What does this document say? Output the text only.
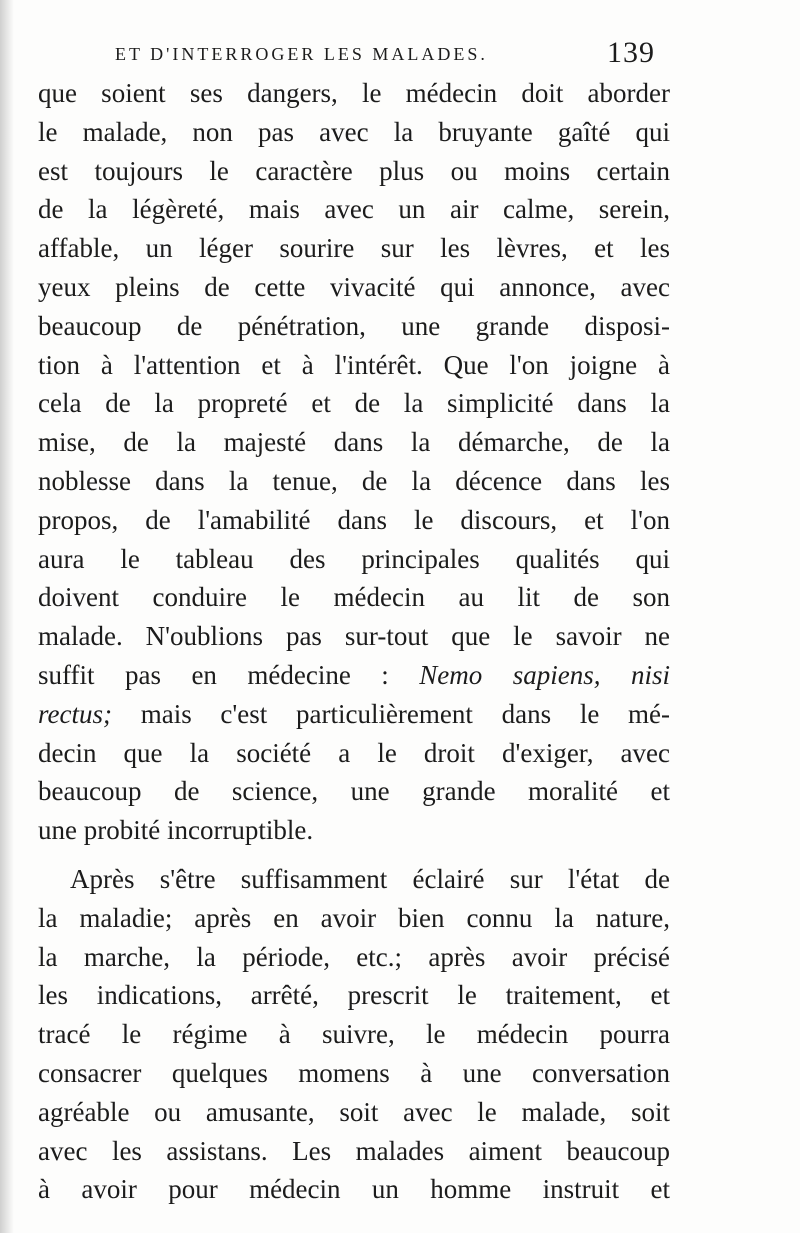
ET D'INTERROGER LES MALADES.	139
que soient ses dangers, le médecin doit aborder
le malade, non pas avec la bruyante gaîté qui
est toujours le caractère plus ou moins certain
de la légèreté, mais avec un air calme, serein,
affable, un léger sourire sur les lèvres, et les
yeux pleins de cette vivacité qui annonce, avec
beaucoup de pénétration, une grande disposi-
tion à l'attention et à l'intérêt. Que l'on joigne à
cela de la propreté et de la simplicité dans la
mise, de la majesté dans la démarche, de la
noblesse dans la tenue, de la décence dans les
propos, de l'amabilité dans le discours, et l'on
aura le tableau des principales qualités qui
doivent conduire le médecin au lit de son
malade. N'oublions pas sur-tout que le savoir ne
suffit pas en médecine : Nemo sapiens, nisi
rectus; mais c'est particulièrement dans le mé-
decin que la société a le droit d'exiger, avec
beaucoup de science, une grande moralité et
une probité incorruptible.
Après s'être suffisamment éclairé sur l'état de
la maladie; après en avoir bien connu la nature,
la marche, la période, etc.; après avoir précisé
les indications, arrêté, prescrit le traitement, et
tracé le régime à suivre, le médecin pourra
consacrer quelques momens à une conversation
agréable ou amusante, soit avec le malade, soit
avec les assistans. Les malades aiment beaucoup
à avoir pour médecin un homme instruit et
